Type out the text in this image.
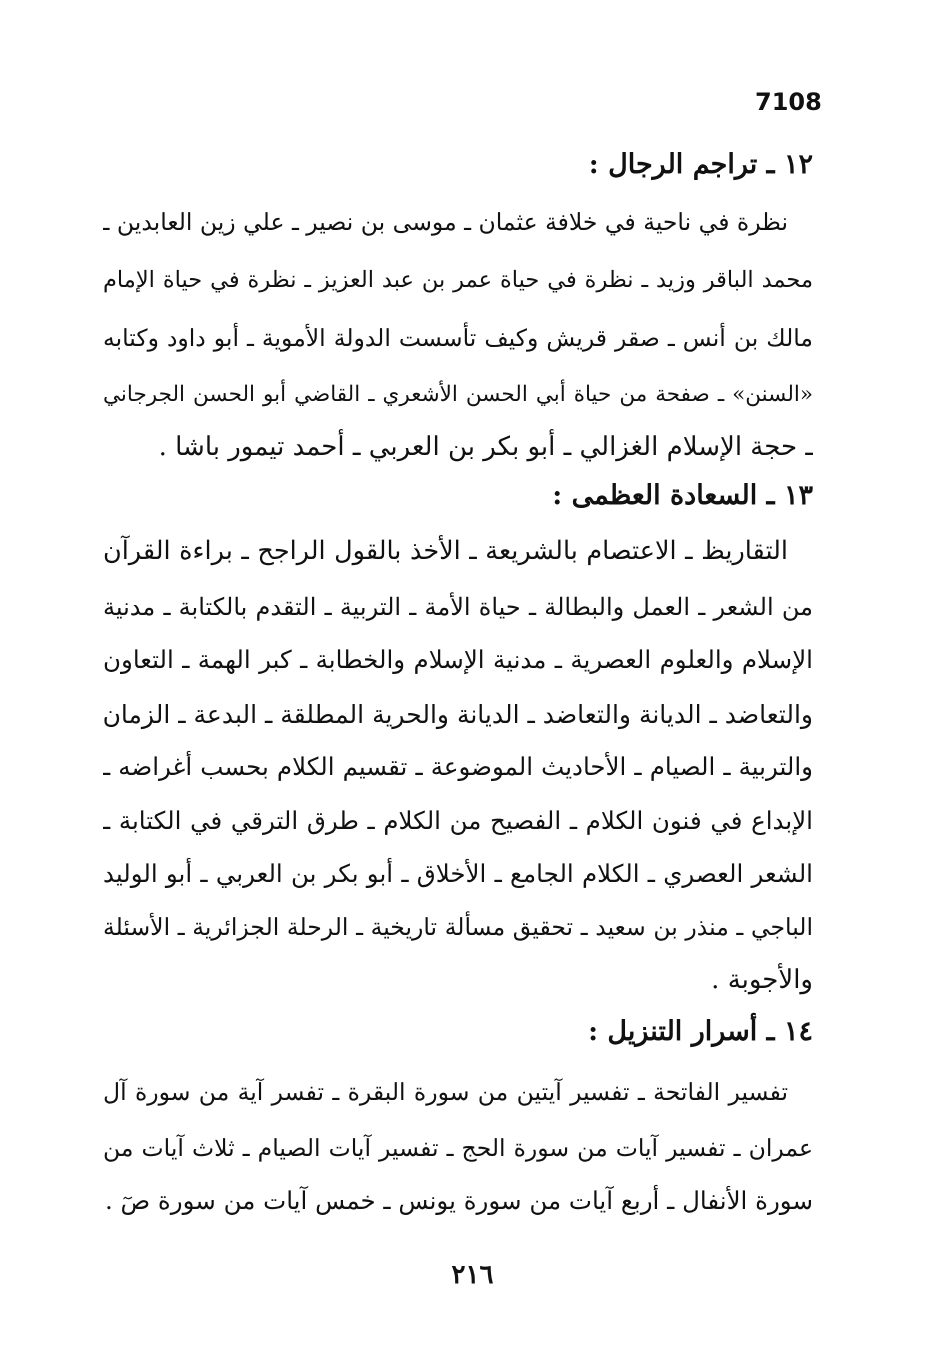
7108
١٢ ـ تراجم الرجال :
نظرة في ناحية في خلافة عثمان ـ موسى بن نصير ـ علي زين العابدين ـ
محمد الباقر وزيد ـ نظرة في حياة عمر بن عبد العزيز ـ نظرة في حياة الإمام
مالك بن أنس ـ صقر قريش وكيف تأسست الدولة الأموية ـ أبو داود وكتابه
«السنن» ـ صفحة من حياة أبي الحسن الأشعري ـ القاضي أبو الحسن الجرجاني
ـ حجة الإسلام الغزالي ـ أبو بكر بن العربي ـ أحمد تيمور باشا .
١٣ ـ السعادة العظمى :
التقاريظ ـ الاعتصام بالشريعة ـ الأخذ بالقول الراجح ـ براءة القرآن
من الشعر ـ العمل والبطالة ـ حياة الأمة ـ التربية ـ التقدم بالكتابة ـ مدنية
الإسلام والعلوم العصرية ـ مدنية الإسلام والخطابة ـ كبر الهمة ـ التعاون
والتعاضد ـ الديانة والتعاضد ـ الديانة والحرية المطلقة ـ البدعة ـ الزمان
والتربية ـ الصيام ـ الأحاديث الموضوعة ـ تقسيم الكلام بحسب أغراضه ـ
الإبداع في فنون الكلام ـ الفصيح من الكلام ـ طرق الترقي في الكتابة ـ
الشعر العصري ـ الكلام الجامع ـ الأخلاق ـ أبو بكر بن العربي ـ أبو الوليد
الباجي ـ منذر بن سعيد ـ تحقيق مسألة تاريخية ـ الرحلة الجزائرية ـ الأسئلة
والأجوبة .
١٤ ـ أسرار التنزيل :
تفسير الفاتحة ـ تفسير آيتين من سورة البقرة ـ تفسر آية من سورة آل
عمران ـ تفسير آيات من سورة الحج ـ تفسير آيات الصيام ـ ثلاث آيات من
سورة الأنفال ـ أربع آيات من سورة يونس ـ خمس آيات من سورة صٓ .
٢١٦
